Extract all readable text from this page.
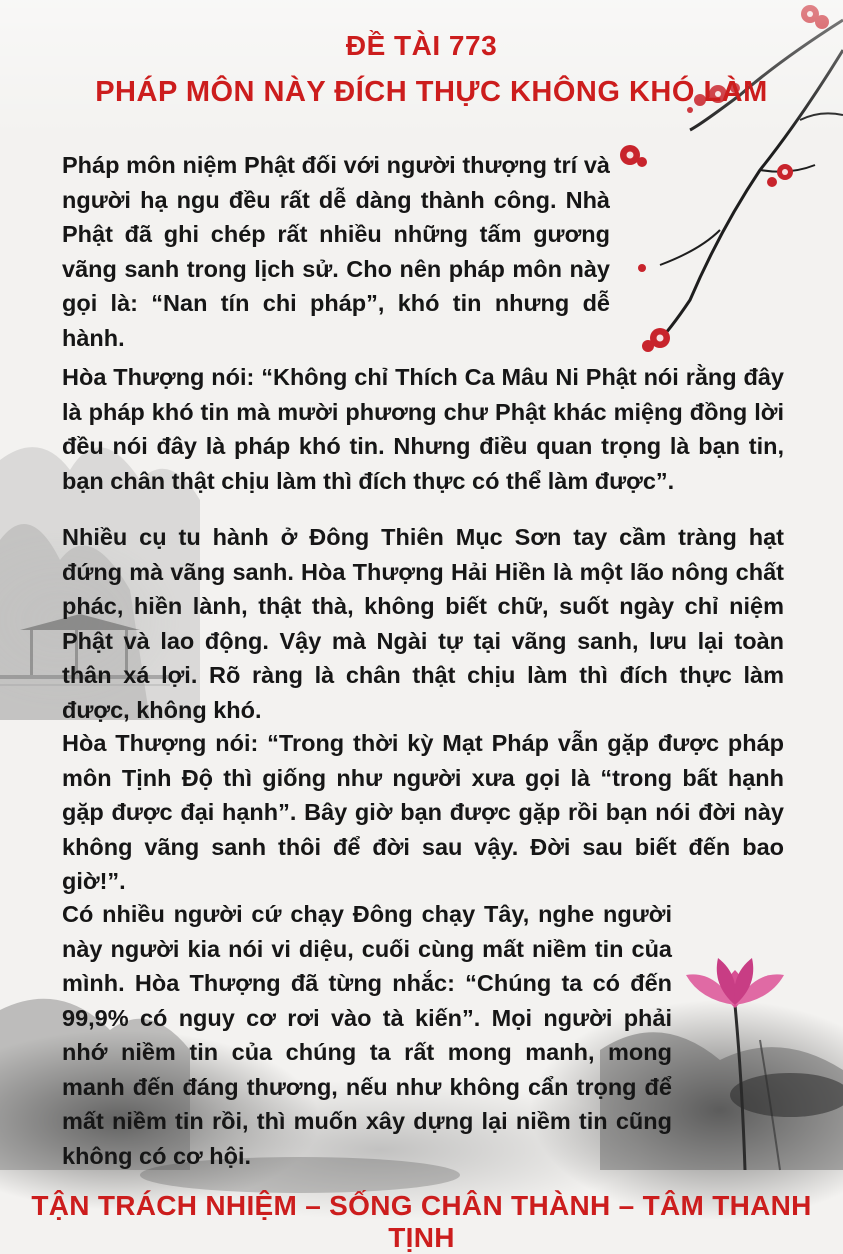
ĐỀ TÀI 773
PHÁP MÔN NÀY ĐÍCH THỰC KHÔNG KHÓ LÀM

Pháp môn niệm Phật đối với người thượng trí và người hạ ngu đều rất dễ dàng thành công. Nhà Phật đã ghi chép rất nhiều những tấm gương vãng sanh trong lịch sử. Cho nên pháp môn này gọi là: “Nan tín chi pháp”, khó tin nhưng dễ hành.

Hòa Thượng nói: “Không chỉ Thích Ca Mâu Ni Phật nói rằng đây là pháp khó tin mà mười phương chư Phật khác miệng đồng lời đều nói đây là pháp khó tin. Nhưng điều quan trọng là bạn tin, bạn chân thật chịu làm thì đích thực có thể làm được”.

Nhiều cụ tu hành ở Đông Thiên Mục Sơn tay cầm tràng hạt đứng mà vãng sanh. Hòa Thượng Hải Hiền là một lão nông chất phác, hiền lành, thật thà, không biết chữ, suốt ngày chỉ niệm Phật và lao động. Vậy mà Ngài tự tại vãng sanh, lưu lại toàn thân xá lợi. Rõ ràng là chân thật chịu làm thì đích thực làm được, không khó.

Hòa Thượng nói: “Trong thời kỳ Mạt Pháp vẫn gặp được pháp môn Tịnh Độ thì giống như người xưa gọi là “trong bất hạnh gặp được đại hạnh”. Bây giờ bạn được gặp rồi bạn nói đời này không vãng sanh thôi để đời sau vậy. Đời sau biết đến bao giờ!”.

Có nhiều người cứ chạy Đông chạy Tây, nghe người này người kia nói vi diệu, cuối cùng mất niềm tin của mình. Hòa Thượng đã từng nhắc: “Chúng ta có đến 99,9% có nguy cơ rơi vào tà kiến”. Mọi người phải nhớ niềm tin của chúng ta rất mong manh, mong manh đến đáng thương, nếu như không cẩn trọng để mất niềm tin rồi, thì muốn xây dựng lại niềm tin cũng không có cơ hội.

TẬN TRÁCH NHIỆM – SỐNG CHÂN THÀNH – TÂM THANH TỊNH
